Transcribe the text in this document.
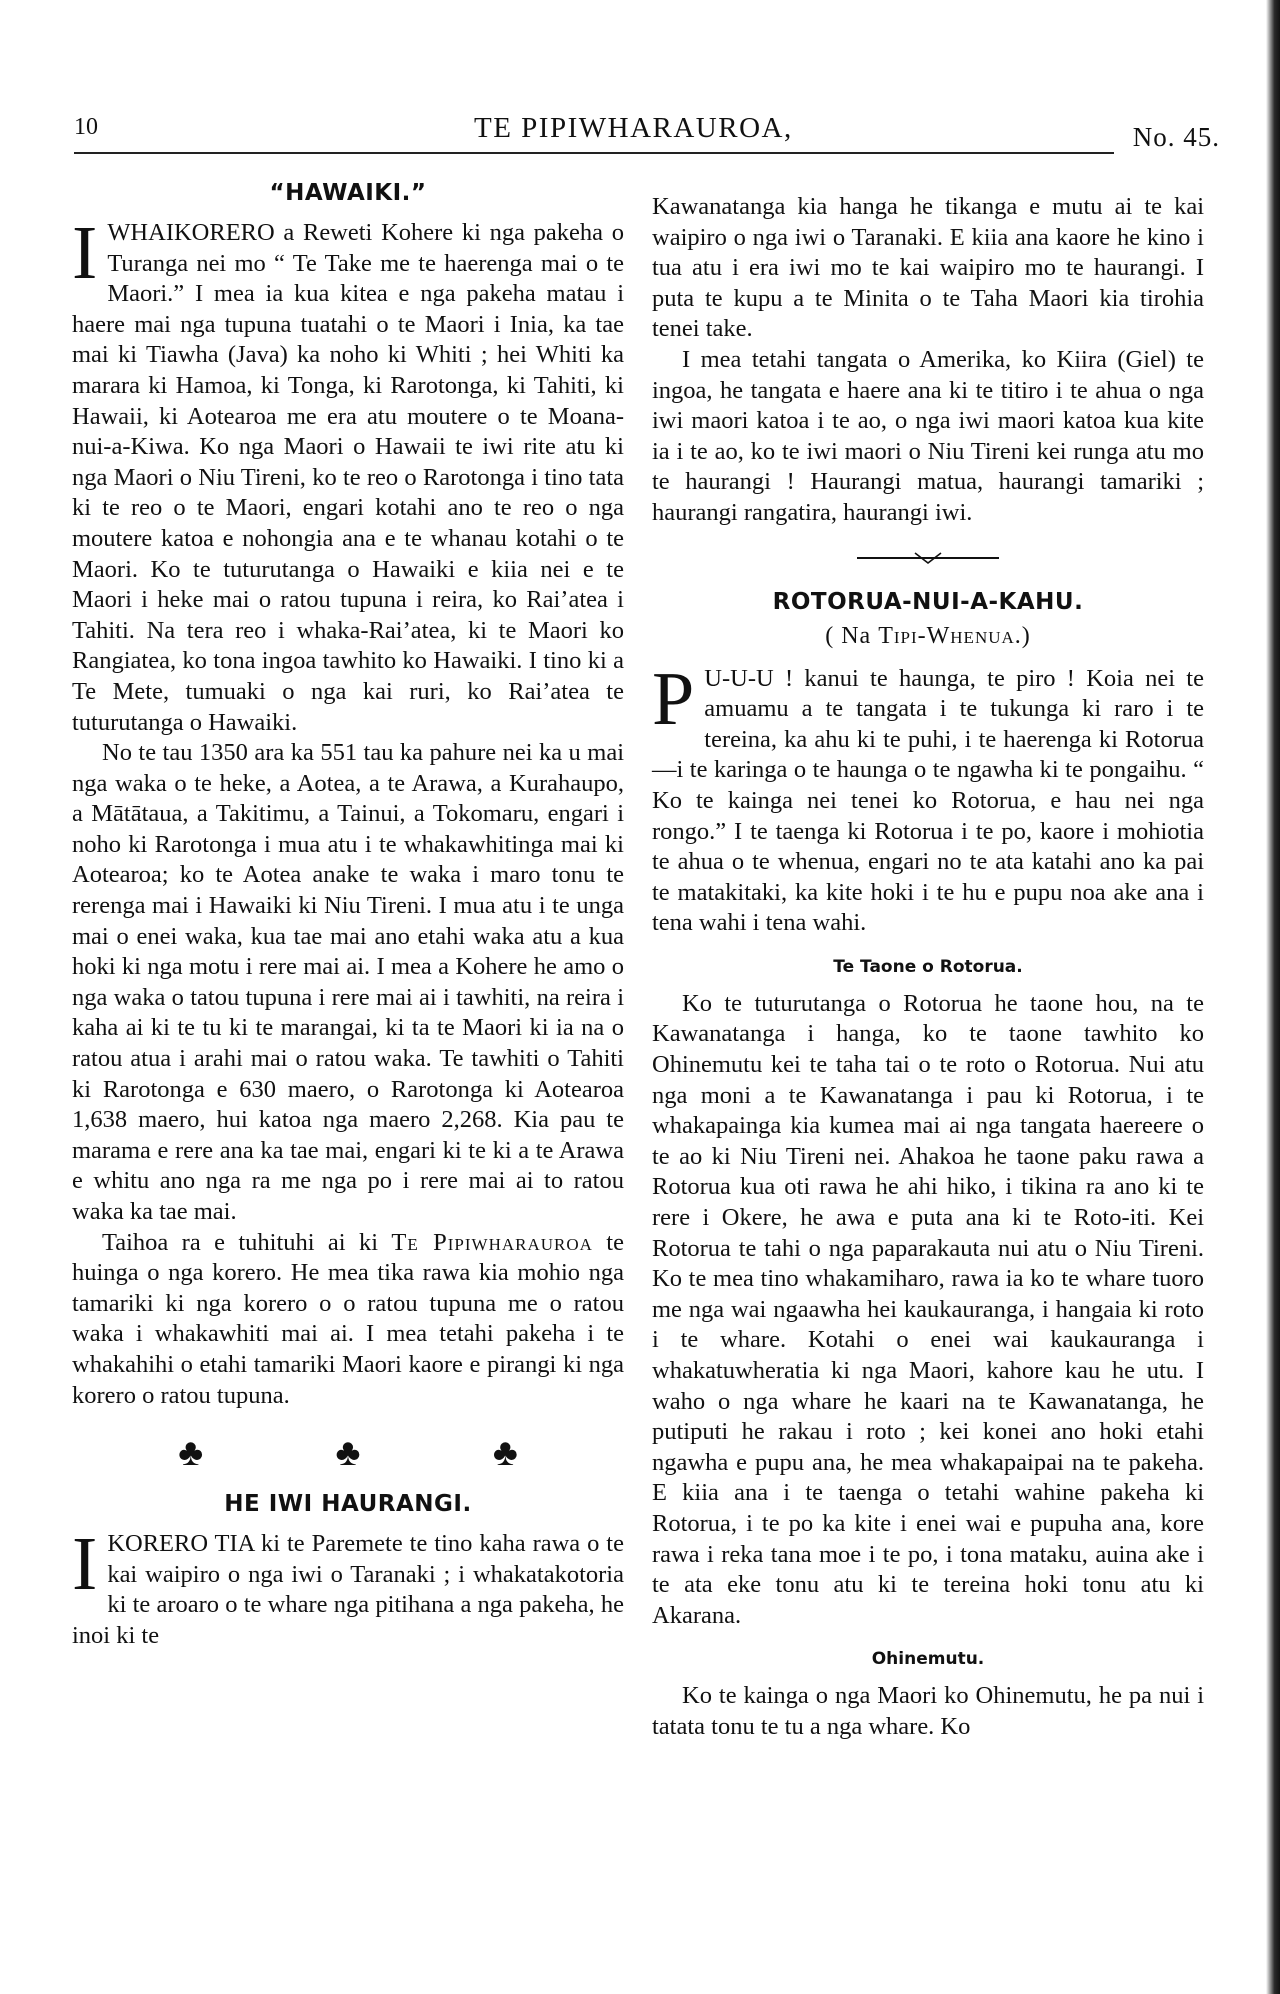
10	TE PIPIWHARAUROA,	No. 45.
“HAWAIKI.”

IWHAIKORERO a Reweti Kohere ki nga pakeha o Turanga nei mo “ Te Take me te haerenga mai o te Maori.” I mea ia kua kitea e nga pakeha matau i haere mai nga tupuna tuatahi o te Maori i Inia, ka tae mai ki Tiawha (Java) ka noho ki Whiti ; hei Whiti ka marara ki Hamoa, ki Tonga, ki Rarotonga, ki Tahiti, ki Hawaii, ki Aotearoa me era atu moutere o te Moana-nui-a-Kiwa. Ko nga Maori o Hawaii te iwi rite atu ki nga Maori o Niu Tireni, ko te reo o Rarotonga i tino tata ki te reo o te Maori, engari kotahi ano te reo o nga moutere katoa e nohongia ana e te whanau kotahi o te Maori. Ko te tuturutanga o Hawaiki e kiia nei e te Maori i heke mai o ratou tupuna i reira, ko Rai’atea i Tahiti. Na tera reo i whaka-Rai’atea, ki te Maori ko Rangiatea, ko tona ingoa tawhito ko Hawaiki. I tino ki a Te Mete, tumuaki o nga kai ruri, ko Rai’atea te tuturutanga o Hawaiki.

No te tau 1350 ara ka 551 tau ka pahure nei ka u mai nga waka o te heke, a Aotea, a te Arawa, a Kurahaupo, a Mātātaua, a Takitimu, a Tainui, a Tokomaru, engari i noho ki Rarotonga i mua atu i te whakawhitinga mai ki Aotearoa; ko te Aotea anake te waka i maro tonu te rerenga mai i Hawaiki ki Niu Tireni. I mua atu i te unga mai o enei waka, kua tae mai ano etahi waka atu a kua hoki ki nga motu i rere mai ai. I mea a Kohere he amo o nga waka o tatou tupuna i rere mai ai i tawhiti, na reira i kaha ai ki te tu ki te marangai, ki ta te Maori ki ia na o ratou atua i arahi mai o ratou waka. Te tawhiti o Tahiti ki Rarotonga e 630 maero, o Rarotonga ki Aotearoa 1,638 maero, hui katoa nga maero 2,268. Kia pau te marama e rere ana ka tae mai, engari ki te ki a te Arawa e whitu ano nga ra me nga po i rere mai ai to ratou waka ka tae mai.

Taihoa ra e tuhituhi ai ki Te Pipiwharauroa te huinga o nga korero. He mea tika rawa kia mohio nga tamariki ki nga korero o o ratou tupuna me o ratou waka i whakawhiti mai ai. I mea tetahi pakeha i te whakahihi o etahi tamariki Maori kaore e pirangi ki nga korero o ratou tupuna.

♣	♣	♣
HE IWI HAURANGI.

IKORERO TIA ki te Paremete te tino kaha rawa o te kai waipiro o nga iwi o Taranaki ; i whakatakotoria ki te aroaro o te whare nga pitihana a nga pakeha, he inoi ki te

Kawanatanga kia hanga he tikanga e mutu ai te kai waipiro o nga iwi o Taranaki. E kiia ana kaore he kino i tua atu i era iwi mo te kai waipiro mo te haurangi. I puta te kupu a te Minita o te Taha Maori kia tirohia tenei take.

I mea tetahi tangata o Amerika, ko Kiira (Giel) te ingoa, he tangata e haere ana ki te titiro i te ahua o nga iwi maori katoa i te ao, o nga iwi maori katoa kua kite ia i te ao, ko te iwi maori o Niu Tireni kei runga atu mo te haurangi ! Haurangi matua, haurangi tamariki ; haurangi rangatira, haurangi iwi.

ROTORUA-NUI-A-KAHU.
( Na Tipi-Whenua.)

P U-U-U ! kanui te haunga, te piro ! Koia nei te amuamu a te tangata i te tukunga ki raro i te tereina, ka ahu ki te puhi, i te haerenga ki Rotorua—i te karinga o te haunga o te ngawha ki te pongaihu. “ Ko te kainga nei tenei ko Rotorua, e hau nei nga rongo.” I te taenga ki Rotorua i te po, kaore i mohiotia te ahua o te whenua, engari no te ata katahi ano ka pai te matakitaki, ka kite hoki i te hu e pupu noa ake ana i tena wahi i tena wahi.

Te Taone o Rotorua.

Ko te tuturutanga o Rotorua he taone hou, na te Kawanatanga i hanga, ko te taone tawhito ko Ohinemutu kei te taha tai o te roto o Rotorua. Nui atu nga moni a te Kawanatanga i pau ki Rotorua, i te whakapainga kia kumea mai ai nga tangata haereere o te ao ki Niu Tireni nei. Ahakoa he taone paku rawa a Rotorua kua oti rawa he ahi hiko, i tikina ra ano ki te rere i Okere, he awa e puta ana ki te Roto-iti. Kei Rotorua te tahi o nga paparakauta nui atu o Niu Tireni. Ko te mea tino whakamiharo, rawa ia ko te whare tuoro me nga wai ngaawha hei kaukauranga, i hangaia ki roto i te whare. Kotahi o enei wai kaukauranga i whakatuwheratia ki nga Maori, kahore kau he utu. I waho o nga whare he kaari na te Kawanatanga, he putiputi he rakau i roto ; kei konei ano hoki etahi ngawha e pupu ana, he mea whakapaipai na te pakeha. E kiia ana i te taenga o tetahi wahine pakeha ki Rotorua, i te po ka kite i enei wai e pupuha ana, kore rawa i reka tana moe i te po, i tona mataku, auina ake i te ata eke tonu atu ki te tereina hoki tonu atu ki Akarana.

Ohinemutu.

Ko te kainga o nga Maori ko Ohinemutu, he pa nui i tatata tonu te tu a nga whare. Ko
